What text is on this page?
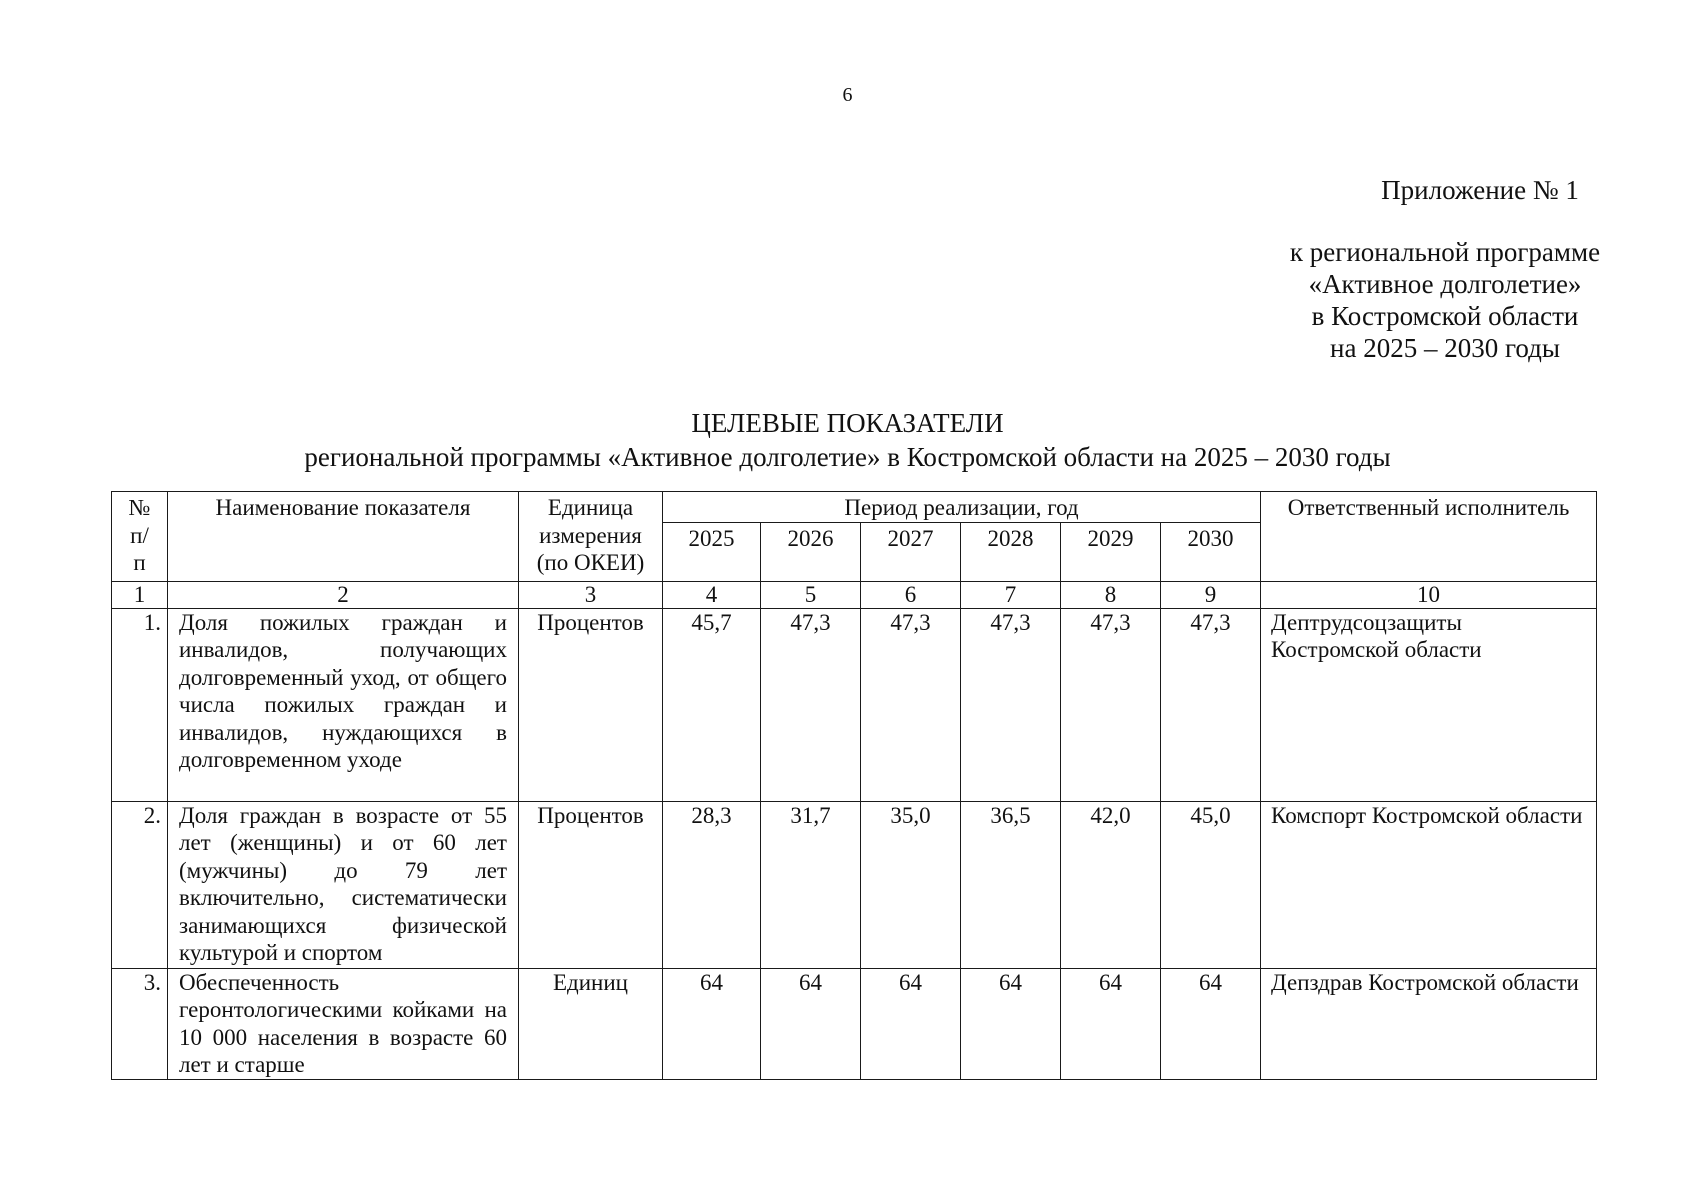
6
Приложение № 1
к региональной программе
«Активное долголетие»
в Костромской области
на 2025 – 2030 годы
ЦЕЛЕВЫЕ ПОКАЗАТЕЛИ
региональной программы «Активное долголетие» в Костромской области на 2025 – 2030 годы
№ п/п	Наименование показателя	Единица измерения (по ОКЕИ)	Период реализации, год						Ответственный исполнитель
			2025	2026	2027	2028	2029	2030	
1	2	3	4	5	6	7	8	9	10
1.	Доля пожилых граждан и инвалидов, получающих долговременный уход, от общего числа пожилых граждан и инвалидов, нуждающихся в долговременном уходе	Процентов	45,7	47,3	47,3	47,3	47,3	47,3	Дептрудсоцзащиты Костромской области
2.	Доля граждан в возрасте от 55 лет (женщины) и от 60 лет (мужчины) до 79 лет включительно, систематически занимающихся физической культурой и спортом	Процентов	28,3	31,7	35,0	36,5	42,0	45,0	Комспорт Костромской области
3.	Обеспеченность геронтологическими койками на 10 000 населения в возрасте 60 лет и старше	Единиц	64	64	64	64	64	64	Депздрав Костромской области
